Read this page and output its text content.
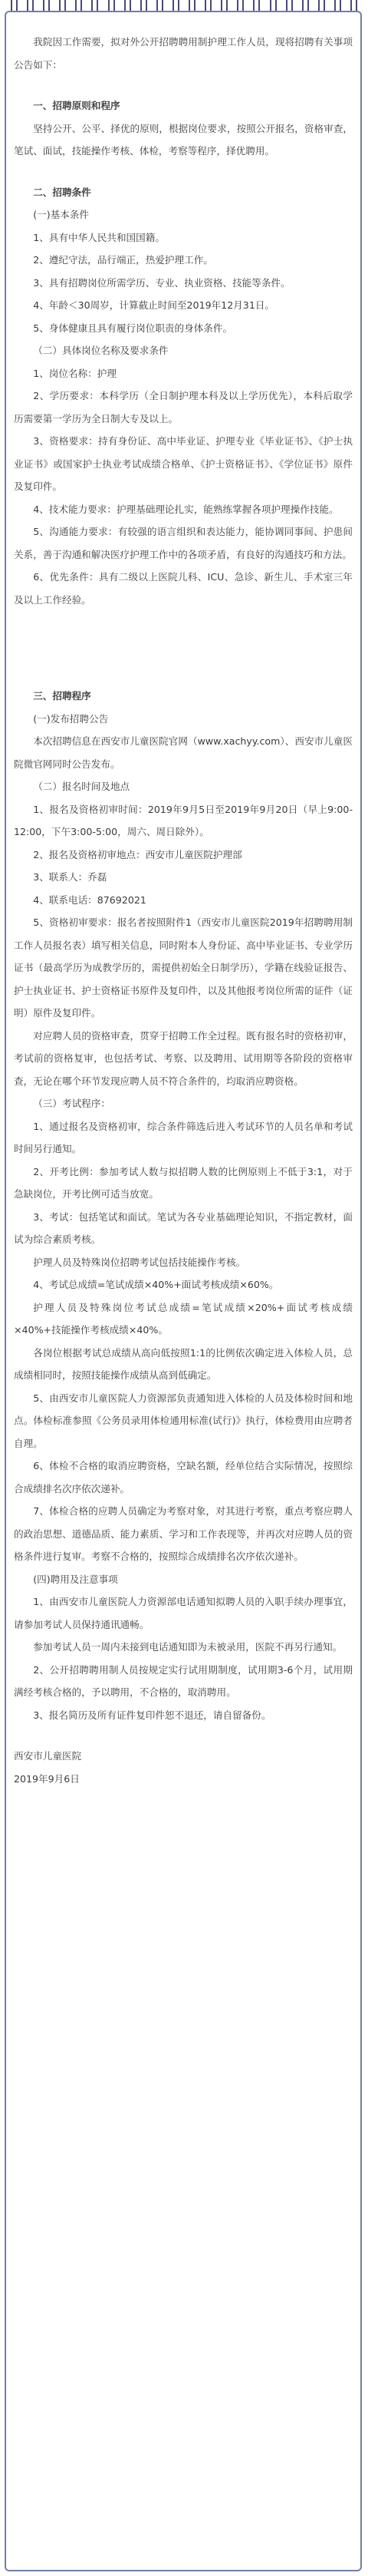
我院因工作需要，拟对外公开招聘聘用制护理工作人员，现将招聘有关事项公告如下：

一、招聘原则和程序

坚持公开、公平、择优的原则，根据岗位要求，按照公开报名，资格审查，笔试、面试，技能操作考核、体检，考察等程序，择优聘用。

二、招聘条件

(一)基本条件

1、具有中华人民共和国国籍。

2、遵纪守法，品行端正，热爱护理工作。

3、具有招聘岗位所需学历、专业、执业资格、技能等条件。

4、年龄＜30周岁，计算截止时间至2019年12月31日。

5、身体健康且具有履行岗位职责的身体条件。

（二）具体岗位名称及要求条件

1、岗位名称：护理

2、学历要求：本科学历（全日制护理本科及以上学历优先），本科后取学历需要第一学历为全日制大专及以上。

3、资格要求：持有身份证、高中毕业证、护理专业《毕业证书》、《护士执业证书》或国家护士执业考试成绩合格单、《护士资格证书》、《学位证书》原件及复印件。

4、技术能力要求：护理基础理论扎实，能熟练掌握各项护理操作技能。

5、沟通能力要求：有较强的语言组织和表达能力，能协调同事间、护患间关系，善于沟通和解决医疗护理工作中的各项矛盾，有良好的沟通技巧和方法。

6、优先条件：具有二级以上医院儿科、ICU、急诊、新生儿、手术室三年及以上工作经验。

三、招聘程序

(一)发布招聘公告

本次招聘信息在西安市儿童医院官网（www.xachyy.com）、西安市儿童医院微官网同时公告发布。

（二）报名时间及地点

1、报名及资格初审时间：2019年9月5日至2019年9月20日（早上9:00-12:00，下午3:00-5:00，周六、周日除外）。

2、报名及资格初审地点：西安市儿童医院护理部

3、联系人：乔磊

4、联系电话：87692021

5、资格初审要求：报名者按照附件1（西安市儿童医院2019年招聘聘用制工作人员报名表）填写相关信息，同时附本人身份证、高中毕业证书、专业学历证书（最高学历为成教学历的，需提供初始全日制学历），学籍在线验证报告、护士执业证书、护士资格证书原件及复印件，以及其他报考岗位所需的证件（证明）原件及复印件。

对应聘人员的资格审查，贯穿于招聘工作全过程。既有报名时的资格初审，考试前的资格复审，也包括考试、考察、以及聘用、试用期等各阶段的资格审查，无论在哪个环节发现应聘人员不符合条件的，均取消应聘资格。

（三）考试程序：

1、通过报名及资格初审，综合条件筛选后进入考试环节的人员名单和考试时间另行通知。

2、开考比例：参加考试人数与拟招聘人数的比例原则上不低于3:1，对于急缺岗位，开考比例可适当放宽。

3、考试：包括笔试和面试。笔试为各专业基础理论知识，不指定教材，面试为综合素质考核。

护理人员及特殊岗位招聘考试包括技能操作考核。

4、考试总成绩=笔试成绩×40%+面试考核成绩×60%。

护理人员及特殊岗位考试总成绩=笔试成绩×20%+面试考核成绩×40%+技能操作考核成绩×40%。

各岗位根据考试总成绩从高向低按照1:1的比例依次确定进入体检人员，总成绩相同时，按照技能操作成绩从高到低确定。

5、由西安市儿童医院人力资源部负责通知进入体检的人员及体检时间和地点。体检标准参照《公务员录用体检通用标准(试行)》执行，体检费用由应聘者自理。

6、体检不合格的取消应聘资格，空缺名额，经单位结合实际情况，按照综合成绩排名次序依次递补。

7、体检合格的应聘人员确定为考察对象，对其进行考察，重点考察应聘人的政治思想、道德品质、能力素质、学习和工作表现等，并再次对应聘人员的资格条件进行复审。考察不合格的，按照综合成绩排名次序依次递补。

(四)聘用及注意事项

1、由西安市儿童医院人力资源部电话通知拟聘人员的入职手续办理事宜，请参加考试人员保持通讯通畅。

参加考试人员一周内未接到电话通知即为未被录用，医院不再另行通知。

2、公开招聘聘用制人员按规定实行试用期制度，试用期3-6个月，试用期满经考核合格的，予以聘用，不合格的，取消聘用。

3、报名简历及所有证件复印件恕不退还，请自留备份。

西安市儿童医院

2019年9月6日
